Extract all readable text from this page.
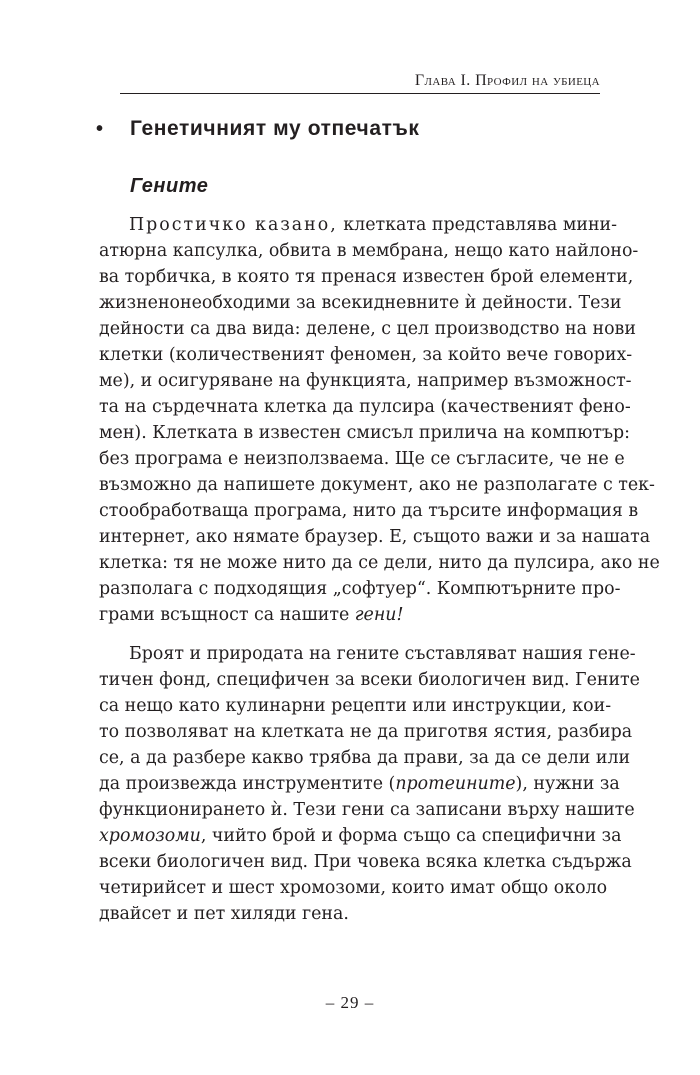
Глава I. Профил на убиеца
•	Генетичният му отпечатък
Гените
Простичко казано, клетката представлява мини-
атюрна капсулка, обвита в мембрана, нещо като найлоно-
ва торбичка, в която тя пренася известен брой елементи,
жизненонеобходими за всекидневните ѝ дейности. Тези
дейности са два вида: делене, с цел производство на нови
клетки (количественият феномен, за който вече говорих-
ме), и осигуряване на функцията, например възможност-
та на сърдечната клетка да пулсира (качественият фено-
мен). Клетката в известен смисъл прилича на компютър:
без програма е неизползваема. Ще се съгласите, че не е
възможно да напишете документ, ако не разполагате с тек-
стообработваща програма, нито да търсите информация в
интернет, ако нямате браузер. Е, същото важи и за нашата
клетка: тя не може нито да се дели, нито да пулсира, ако не
разполага с подходящия „софтуер“. Компютърните про-
грами всъщност са нашите гени!
Броят и природата на гените съставляват нашия гене-
тичен фонд, специфичен за всеки биологичен вид. Гените
са нещо като кулинарни рецепти или инструкции, кои-
то позволяват на клетката не да приготвя ястия, разбира
се, а да разбере какво трябва да прави, за да се дели или
да произвежда инструментите (протеините), нужни за
функционирането ѝ. Тези гени са записани върху нашите
хромозоми, чийто брой и форма също са специфични за
всеки биологичен вид. При човека всяка клетка съдържа
четирийсет и шест хромозоми, които имат общо около
двайсет и пет хиляди гена.
– 29 –
